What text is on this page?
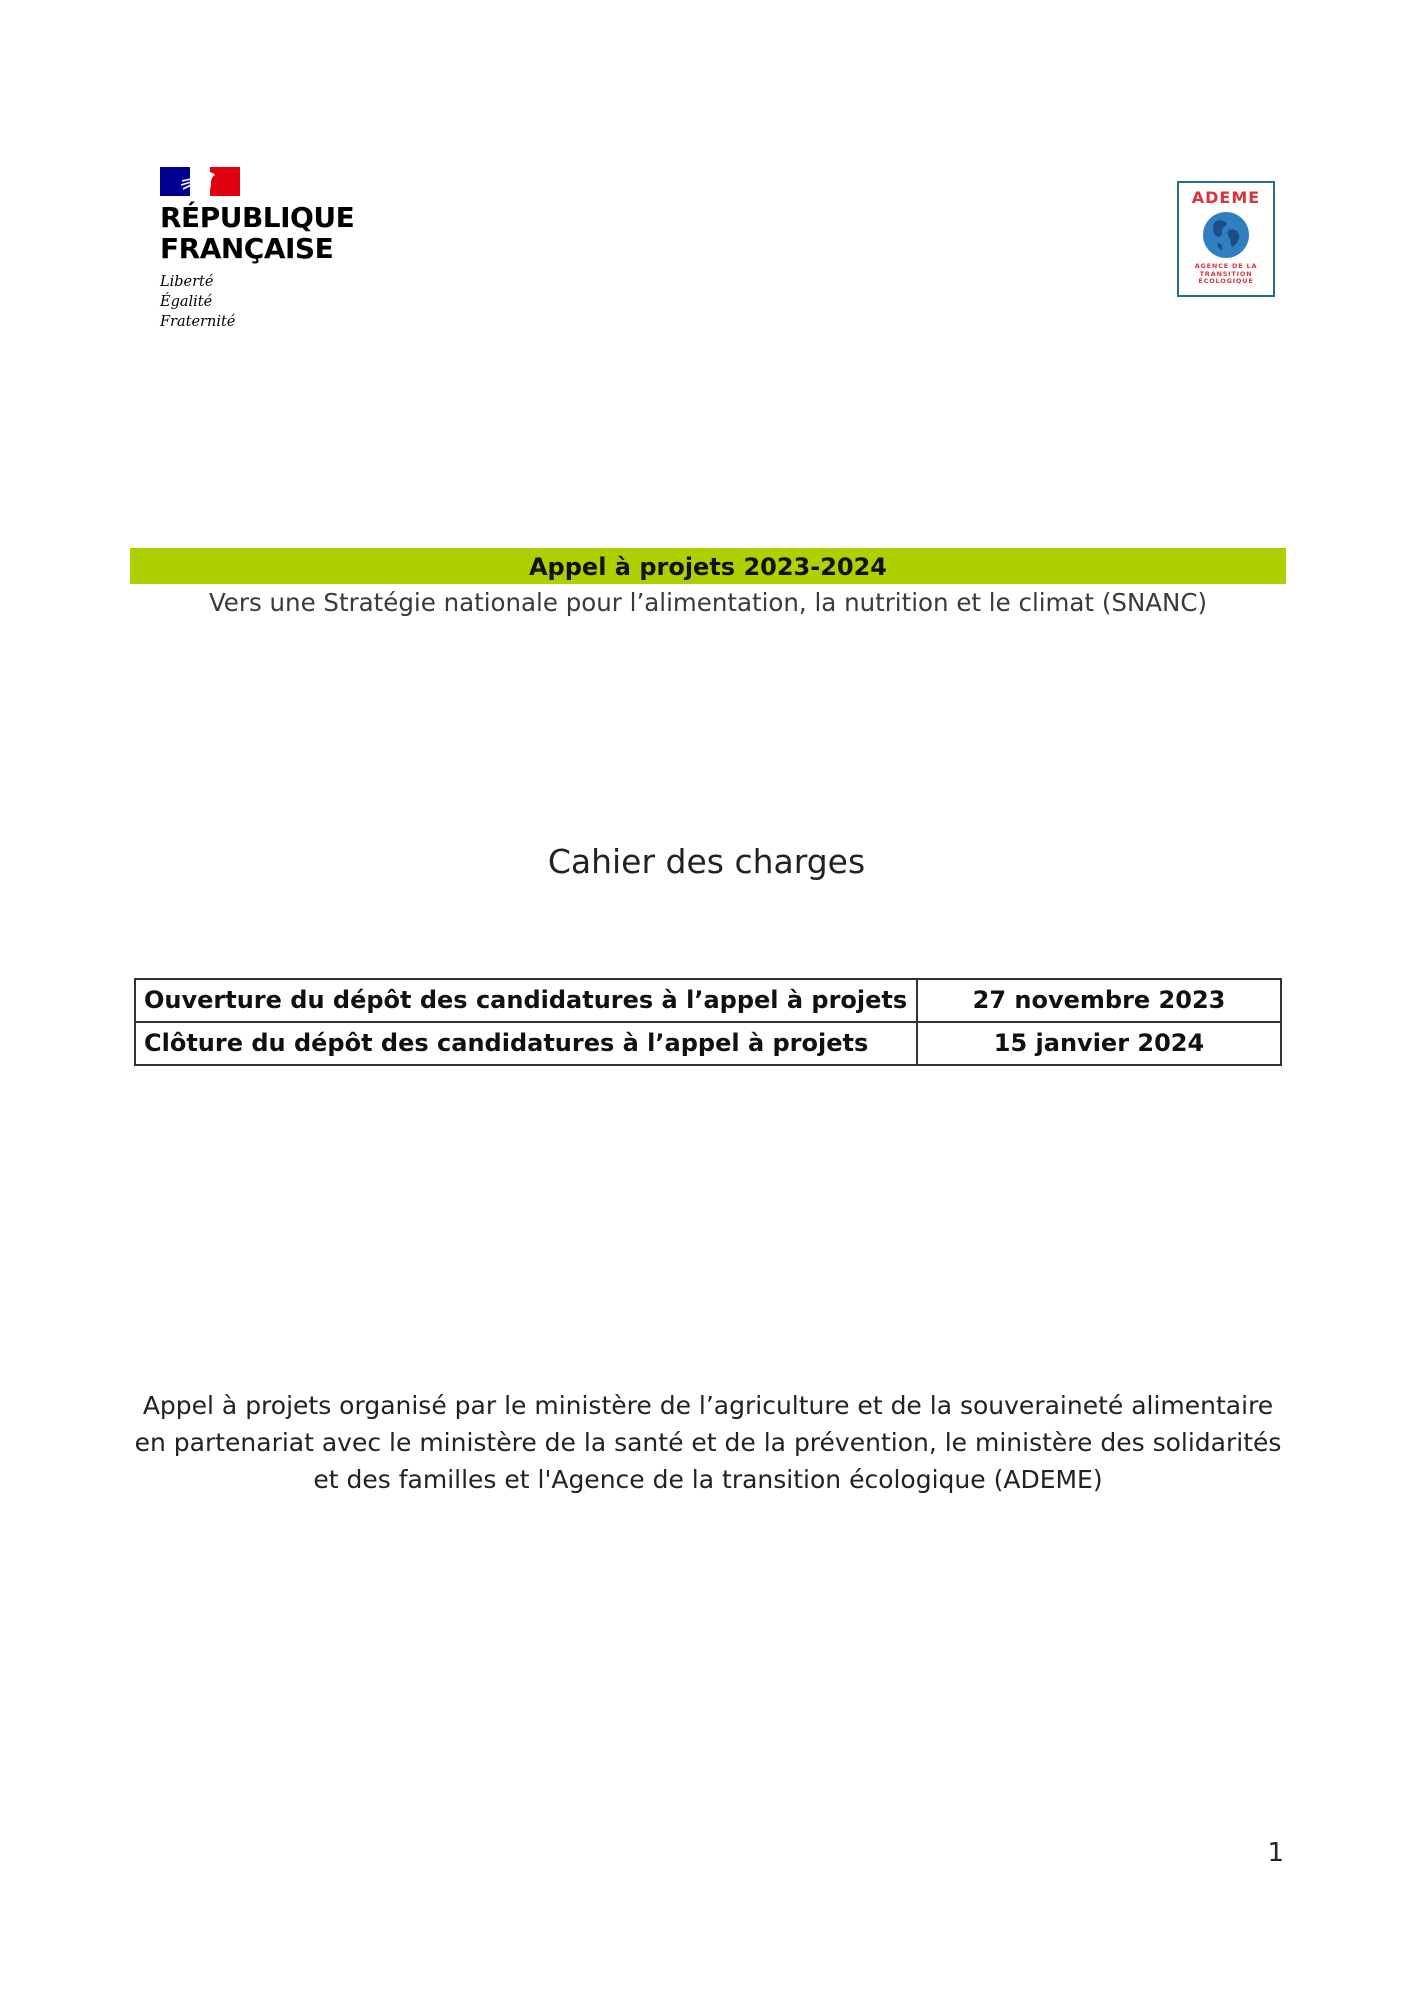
RÉPUBLIQUE
FRANÇAISE
Liberté
Égalité
Fraternité
ADEME
AGENCE DE LA
TRANSITION
ÉCOLOGIQUE
Appel à projets 2023-2024
Vers une Stratégie nationale pour l’alimentation, la nutrition et le climat (SNANC)
Cahier des charges
Ouverture du dépôt des candidatures à l’appel à projets	27 novembre 2023
Clôture du dépôt des candidatures à l’appel à projets	15 janvier 2024
Appel à projets organisé par le ministère de l’agriculture et de la souveraineté alimentaire
en partenariat avec le ministère de la santé et de la prévention, le ministère des solidarités
et des familles et l'Agence de la transition écologique (ADEME)
1
